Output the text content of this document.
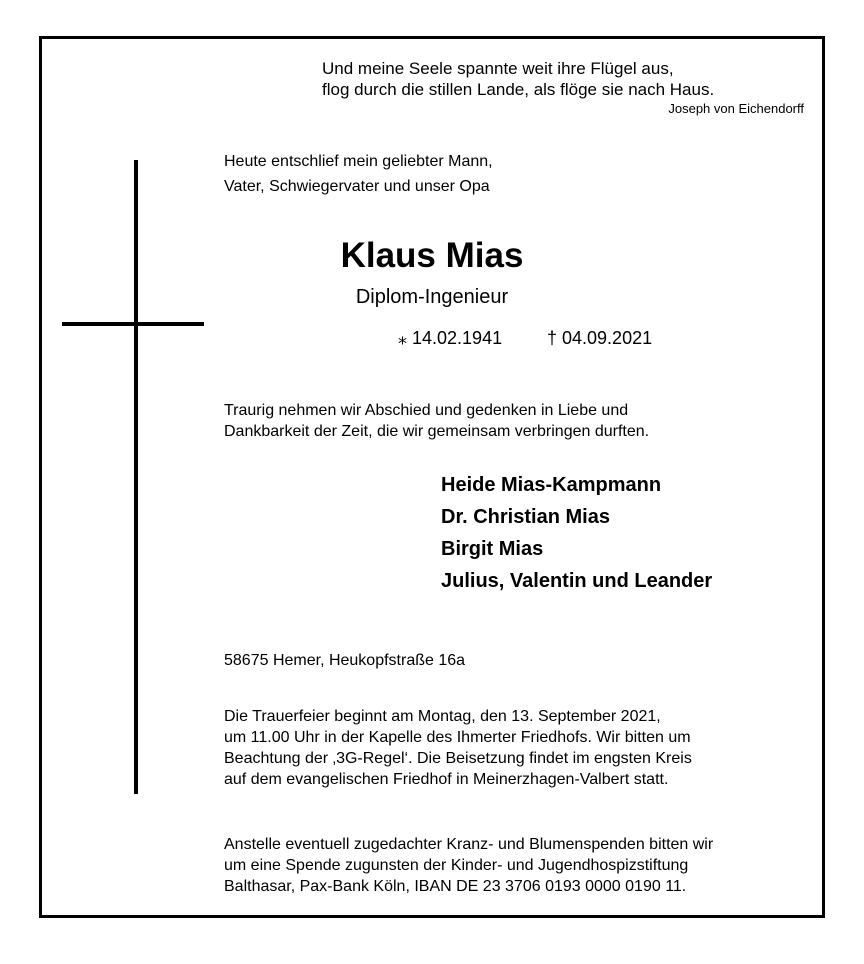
Und meine Seele spannte weit ihre Flügel aus,
flog durch die stillen Lande, als flöge sie nach Haus.
Joseph von Eichendorff
Heute entschlief mein geliebter Mann,
Vater, Schwiegervater und unser Opa
Klaus Mias
Diplom-Ingenieur
⁎ 14.02.1941 † 04.09.2021
Traurig nehmen wir Abschied und gedenken in Liebe und
Dankbarkeit der Zeit, die wir gemeinsam verbringen durften.
Heide Mias-Kampmann
Dr. Christian Mias
Birgit Mias
Julius, Valentin und Leander
58675 Hemer, Heukopfstraße 16a
Die Trauerfeier beginnt am Montag, den 13. September 2021,
um 11.00 Uhr in der Kapelle des Ihmerter Friedhofs. Wir bitten um
Beachtung der ‚3G-Regel‘. Die Beisetzung findet im engsten Kreis
auf dem evangelischen Friedhof in Meinerzhagen-Valbert statt.
Anstelle eventuell zugedachter Kranz- und Blumenspenden bitten wir
um eine Spende zugunsten der Kinder- und Jugendhospizstiftung
Balthasar, Pax-Bank Köln, IBAN DE 23 3706 0193 0000 0190 11.
